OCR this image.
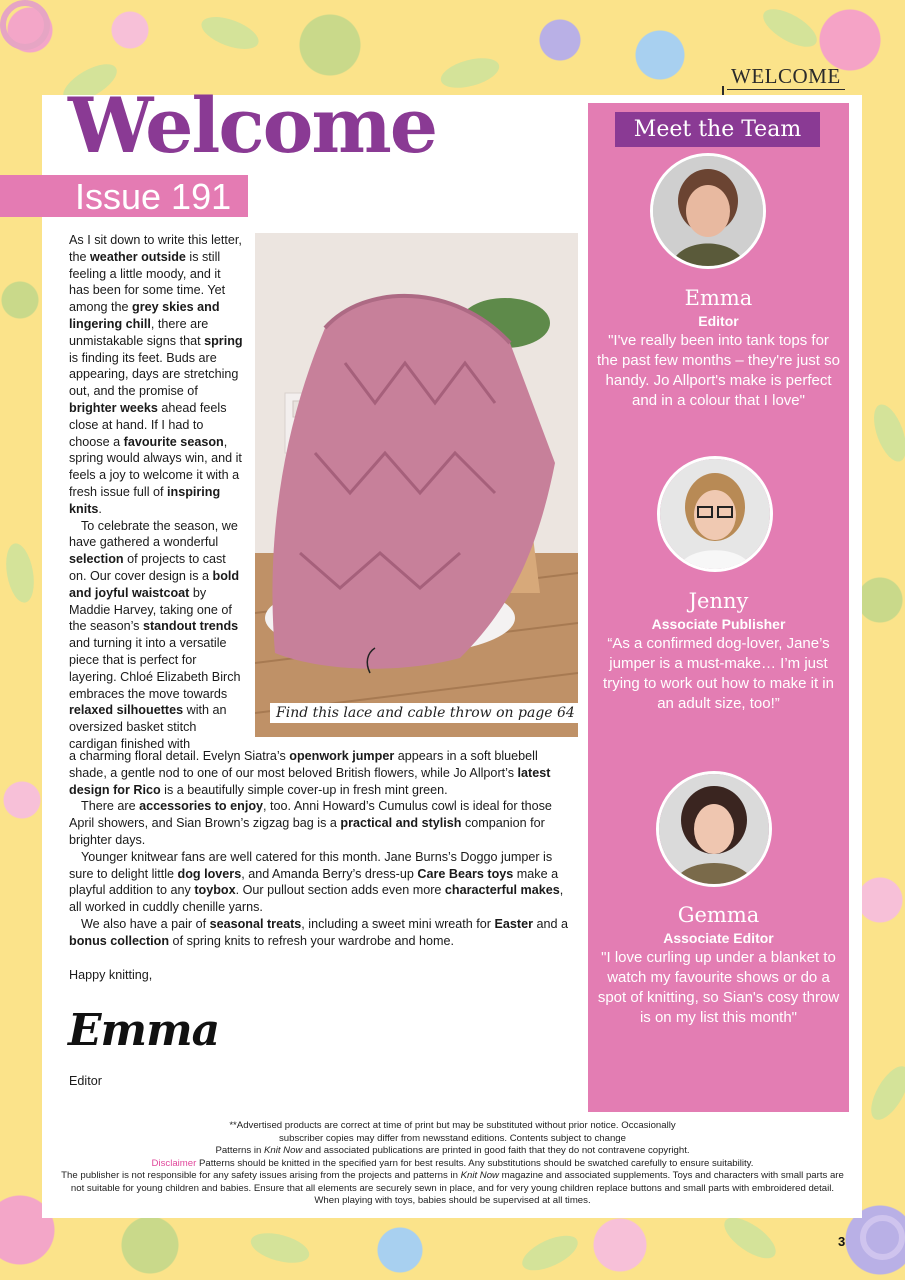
WELCOME
Welcome
Issue 191

As I sit down to write this letter, the weather outside is still feeling a little moody, and it has been for some time. Yet among the grey skies and lingering chill, there are unmistakable signs that spring is finding its feet. Buds are appearing, days are stretching out, and the promise of brighter weeks ahead feels close at hand. If I had to choose a favourite season, spring would always win, and it feels a joy to welcome it with a fresh issue full of inspiring knits.

To celebrate the season, we have gathered a wonderful selection of projects to cast on. Our cover design is a bold and joyful waistcoat by Maddie Harvey, taking one of the season’s standout trends and turning it into a versatile piece that is perfect for layering. Chloé Elizabeth Birch embraces the move towards relaxed silhouettes with an oversized basket stitch cardigan finished with

Find this lace and cable throw on page 64

a charming floral detail. Evelyn Siatra’s openwork jumper appears in a soft bluebell shade, a gentle nod to one of our most beloved British flowers, while Jo Allport’s latest design for Rico is a beautifully simple cover-up in fresh mint green.

There are accessories to enjoy, too. Anni Howard’s Cumulus cowl is ideal for those April showers, and Sian Brown’s zigzag bag is a practical and stylish companion for brighter days.

Younger knitwear fans are well catered for this month. Jane Burns’s Doggo jumper is sure to delight little dog lovers, and Amanda Berry’s dress-up Care Bears toys make a playful addition to any toybox. Our pullout section adds even more characterful makes, all worked in cuddly chenille yarns.

We also have a pair of seasonal treats, including a sweet mini wreath for Easter and a bonus collection of spring knits to refresh your wardrobe and home.

Happy knitting,
Emma
Editor
Meet the Team
Emma
Editor
"I've really been into tank tops for the past few months – they're just so handy. Jo Allport's make is perfect and in a colour that I love"
Jenny
Associate Publisher
“As a confirmed dog-lover, Jane’s jumper is a must-make… I’m just trying to work out how to make it in an adult size, too!”
Gemma
Associate Editor
"I love curling up under a blanket to watch my favourite shows or do a spot of knitting, so Sian's cosy throw is on my list this month"

**Advertised products are correct at time of print but may be substituted without prior notice. Occasionally

subscriber copies may differ from newsstand editions. Contents subject to change

Patterns in Knit Now and associated publications are printed in good faith that they do not contravene copyright.

Disclaimer Patterns should be knitted in the specified yarn for best results. Any substitutions should be swatched carefully to ensure suitability.

The publisher is not responsible for any safety issues arising from the projects and patterns in Knit Now magazine and associated supplements. Toys and characters with small parts are not suitable for young children and babies. Ensure that all elements are securely sewn in place, and for very young children replace buttons and small parts with embroidered detail. When playing with toys, babies should be supervised at all times.

3
